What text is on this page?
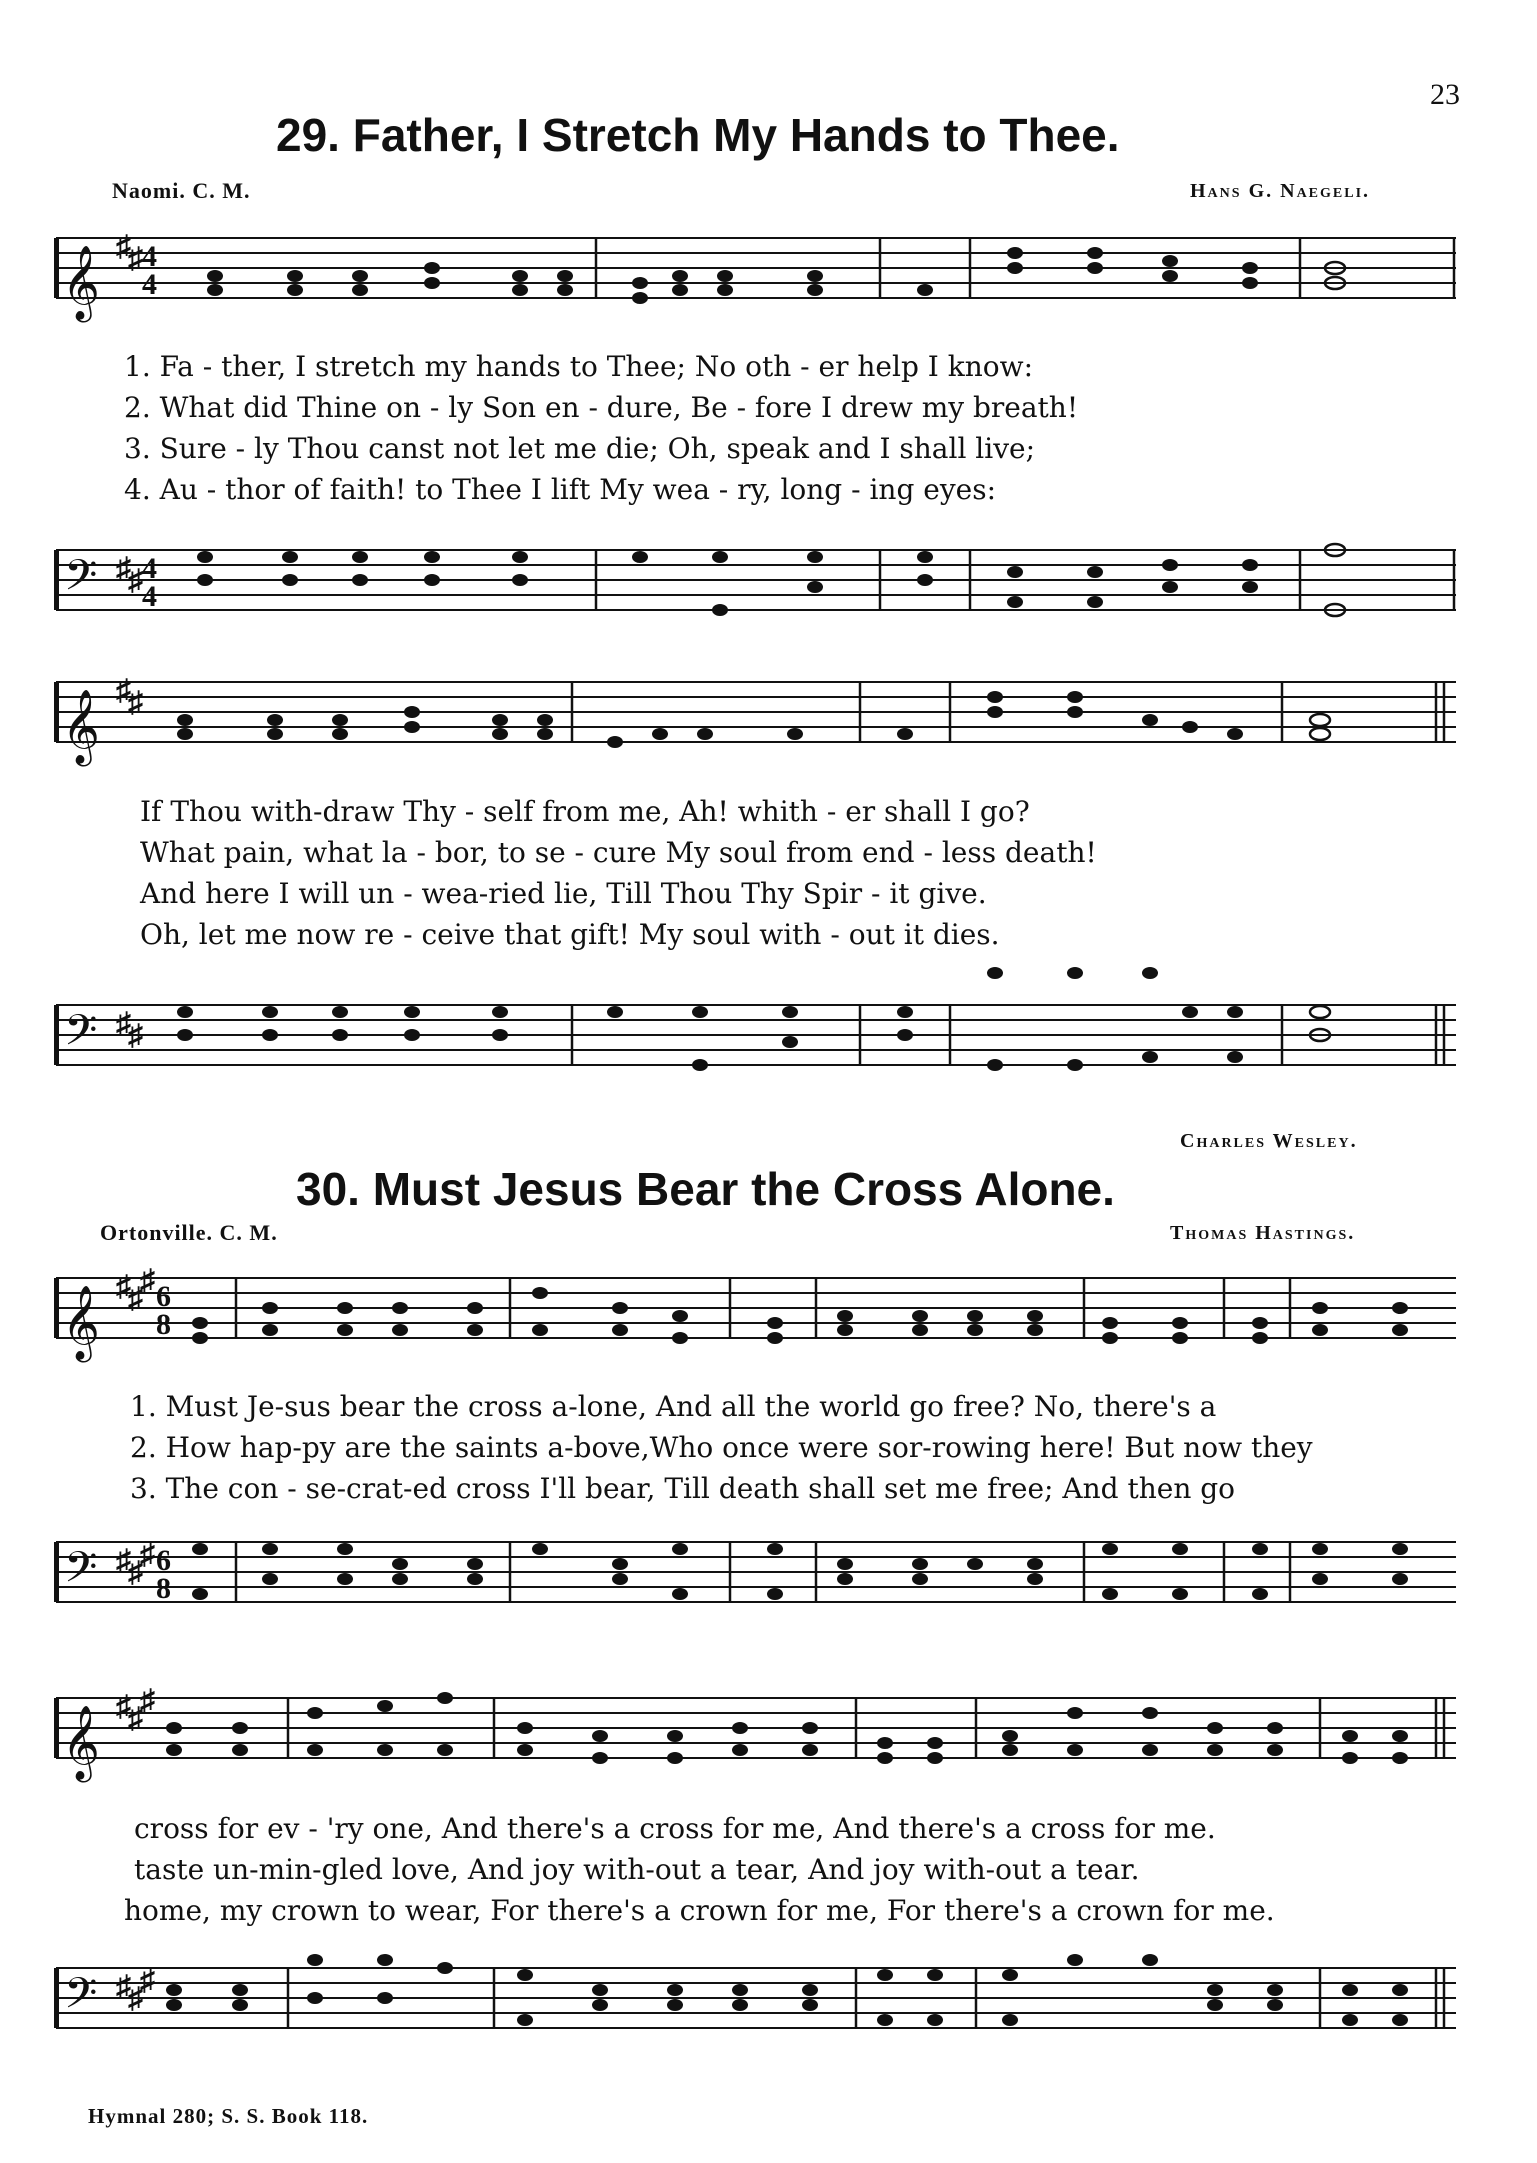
23
29. Father, I Stretch My Hands to Thee.
Naomi. C. M.	Hans G. Naegeli.
𝄞 ♯
♯ 4
4
1. Fa - ther, I stretch my hands to Thee; No oth - er help I know:
2. What did Thine on - ly Son en - dure, Be - fore I drew my breath!
3. Sure - ly Thou canst not let me die; Oh, speak and I shall live;
4. Au - thor of faith! to Thee I lift My wea - ry, long - ing eyes:
𝄢 ♯
♯ 4
4
𝄞 ♯
♯
If Thou with-draw Thy - self from me, Ah! whith - er shall I go?
What pain, what la - bor, to se - cure My soul from end - less death!
And here I will un - wea-ried lie, Till Thou Thy Spir - it give.
Oh, let me now re - ceive that gift! My soul with - out it dies.
𝄢 ♯
♯
Charles Wesley.
30. Must Jesus Bear the Cross Alone.
Ortonville. C. M.	Thomas Hastings.
𝄞 ♯
♯
♯ 6
8
1. Must Je-sus bear the cross a-lone, And all the world go free? No, there's a
2. How hap-py are the saints a-bove,Who once were sor-rowing here! But now they
3. The con - se-crat-ed cross I'll bear, Till death shall set me free; And then go
𝄢 ♯
♯
♯ 6
8
𝄞 ♯
♯
♯
cross for ev - 'ry one, And there's a cross for me, And there's a cross for me.
taste un-min-gled love, And joy with-out a tear, And joy with-out a tear.
home, my crown to wear, For there's a crown for me, For there's a crown for me.
𝄢 ♯
♯
♯
Hymnal 280; S. S. Book 118.
